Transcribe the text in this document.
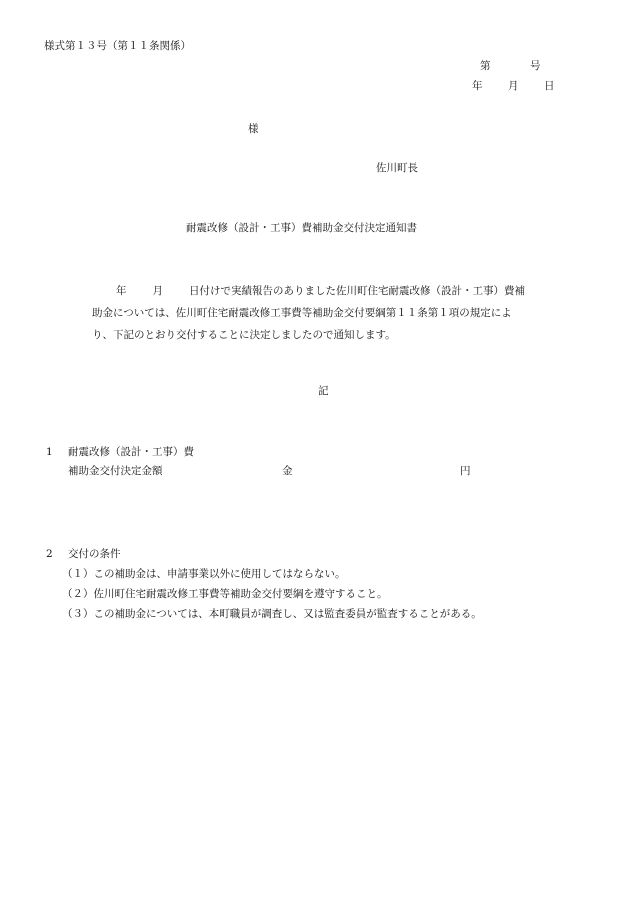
様式第１３号（第１１条関係）
第	号
年 月 日
様
佐川町長
耐震改修（設計・工事）費補助金交付決定通知書
年 月 日付けで実績報告のありました佐川町住宅耐震改修（設計・工事）費補
助金については、佐川町住宅耐震改修工事費等補助金交付要綱第１１条第１項の規定によ
り、下記のとおり交付することに決定しましたので通知します。
記
1 耐震改修（設計・工事）費
補助金交付決定金額	金	円
2 交付の条件
（１）この補助金は、申請事業以外に使用してはならない。
（２）佐川町住宅耐震改修工事費等補助金交付要綱を遵守すること。
（３）この補助金については、本町職員が調査し、又は監査委員が監査することがある。
